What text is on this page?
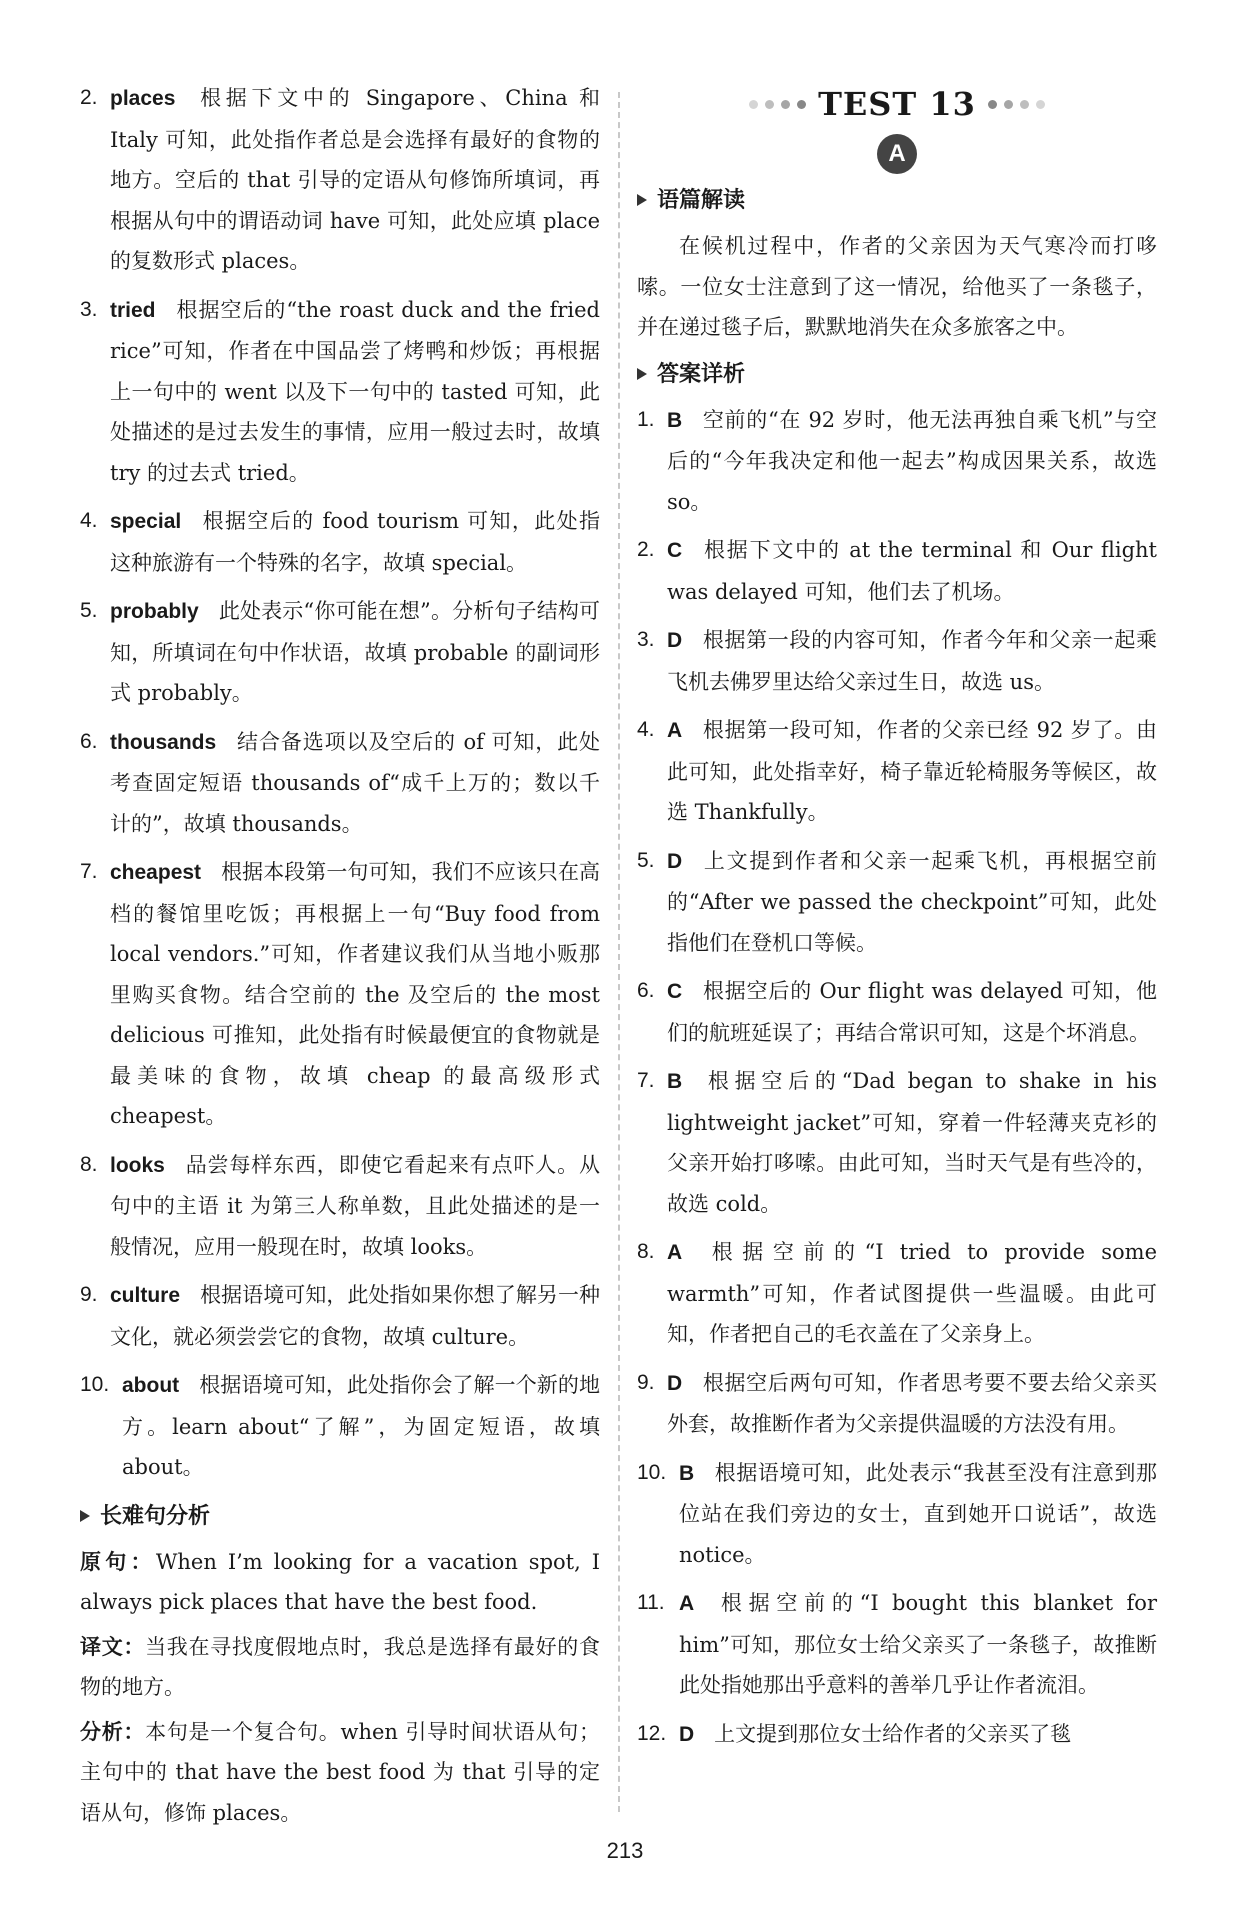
2. places 根据下文中的 Singapore、China 和 Italy 可知，此处指作者总是会选择有最好的食物的地方。空后的 that 引导的定语从句修饰所填词，再根据从句中的谓语动词 have 可知，此处应填 place 的复数形式 places。
3. tried 根据空后的“the roast duck and the fried rice”可知，作者在中国品尝了烤鸭和炒饭；再根据上一句中的 went 以及下一句中的 tasted 可知，此处描述的是过去发生的事情，应用一般过去时，故填 try 的过去式 tried。
4. special 根据空后的 food tourism 可知，此处指这种旅游有一个特殊的名字，故填 special。
5. probably 此处表示“你可能在想”。分析句子结构可知，所填词在句中作状语，故填 probable 的副词形式 probably。
6. thousands 结合备选项以及空后的 of 可知，此处考查固定短语 thousands of“成千上万的；数以千计的”，故填 thousands。
7. cheapest 根据本段第一句可知，我们不应该只在高档的餐馆里吃饭；再根据上一句“Buy food from local vendors.”可知，作者建议我们从当地小贩那里购买食物。结合空前的 the 及空后的 the most delicious 可推知，此处指有时候最便宜的食物就是最美味的食物，故填 cheap 的最高级形式 cheapest。
8. looks 品尝每样东西，即使它看起来有点吓人。从句中的主语 it 为第三人称单数，且此处描述的是一般情况，应用一般现在时，故填 looks。
9. culture 根据语境可知，此处指如果你想了解另一种文化，就必须尝尝它的食物，故填 culture。
10. about 根据语境可知，此处指你会了解一个新的地方。learn about“了解”，为固定短语，故填 about。
长难句分析
原句：When I’m looking for a vacation spot, I always pick places that have the best food.
译文：当我在寻找度假地点时，我总是选择有最好的食物的地方。
分析：本句是一个复合句。when 引导时间状语从句；主句中的 that have the best food 为 that 引导的定语从句，修饰 places。
TEST 13
A
语篇解读
在候机过程中，作者的父亲因为天气寒冷而打哆嗦。一位女士注意到了这一情况，给他买了一条毯子，并在递过毯子后，默默地消失在众多旅客之中。
答案详析
1. B 空前的“在 92 岁时，他无法再独自乘飞机”与空后的“今年我决定和他一起去”构成因果关系，故选 so。
2. C 根据下文中的 at the terminal 和 Our flight was delayed 可知，他们去了机场。
3. D 根据第一段的内容可知，作者今年和父亲一起乘飞机去佛罗里达给父亲过生日，故选 us。
4. A 根据第一段可知，作者的父亲已经 92 岁了。由此可知，此处指幸好，椅子靠近轮椅服务等候区，故选 Thankfully。
5. D 上文提到作者和父亲一起乘飞机，再根据空前的“After we passed the checkpoint”可知，此处指他们在登机口等候。
6. C 根据空后的 Our flight was delayed 可知，他们的航班延误了；再结合常识可知，这是个坏消息。
7. B 根据空后的“Dad began to shake in his lightweight jacket”可知，穿着一件轻薄夹克衫的父亲开始打哆嗦。由此可知，当时天气是有些冷的，故选 cold。
8. A 根据空前的“I tried to provide some warmth”可知，作者试图提供一些温暖。由此可知，作者把自己的毛衣盖在了父亲身上。
9. D 根据空后两句可知，作者思考要不要去给父亲买外套，故推断作者为父亲提供温暖的方法没有用。
10. B 根据语境可知，此处表示“我甚至没有注意到那位站在我们旁边的女士，直到她开口说话”，故选 notice。
11. A 根据空前的“I bought this blanket for him”可知，那位女士给父亲买了一条毯子，故推断此处指她那出乎意料的善举几乎让作者流泪。
12. D 上文提到那位女士给作者的父亲买了毯
213
